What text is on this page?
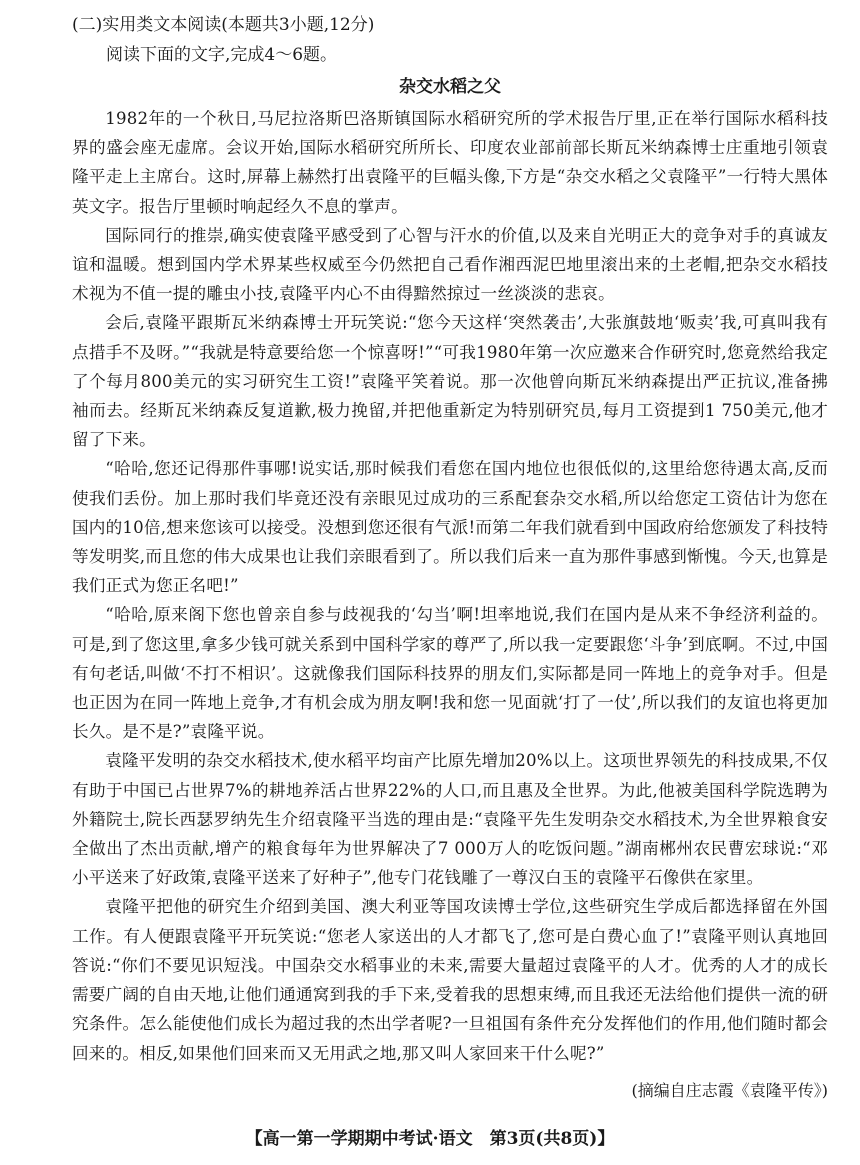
(二)实用类文本阅读(本题共3小题,12分)

阅读下面的文字,完成4～6题。

杂交水稻之父

1982年的一个秋日,马尼拉洛斯巴洛斯镇国际水稻研究所的学术报告厅里,正在举行国际水稻科技界的盛会座无虚席。会议开始,国际水稻研究所所长、印度农业部前部长斯瓦米纳森博士庄重地引领袁隆平走上主席台。这时,屏幕上赫然打出袁隆平的巨幅头像,下方是“杂交水稻之父袁隆平”一行特大黑体英文字。报告厅里顿时响起经久不息的掌声。

国际同行的推崇,确实使袁隆平感受到了心智与汗水的价值,以及来自光明正大的竞争对手的真诚友谊和温暖。想到国内学术界某些权威至今仍然把自己看作湘西泥巴地里滚出来的土老帽,把杂交水稻技术视为不值一提的雕虫小技,袁隆平内心不由得黯然掠过一丝淡淡的悲哀。

会后,袁隆平跟斯瓦米纳森博士开玩笑说:“您今天这样‘突然袭击’,大张旗鼓地‘贩卖’我,可真叫我有点措手不及呀。”“我就是特意要给您一个惊喜呀!”“可我1980年第一次应邀来合作研究时,您竟然给我定了个每月800美元的实习研究生工资!”袁隆平笑着说。那一次他曾向斯瓦米纳森提出严正抗议,准备拂袖而去。经斯瓦米纳森反复道歉,极力挽留,并把他重新定为特别研究员,每月工资提到1 750美元,他才留了下来。

“哈哈,您还记得那件事哪!说实话,那时候我们看您在国内地位也很低似的,这里给您待遇太高,反而使我们丢份。加上那时我们毕竟还没有亲眼见过成功的三系配套杂交水稻,所以给您定工资估计为您在国内的10倍,想来您该可以接受。没想到您还很有气派!而第二年我们就看到中国政府给您颁发了科技特等发明奖,而且您的伟大成果也让我们亲眼看到了。所以我们后来一直为那件事感到惭愧。今天,也算是我们正式为您正名吧!”

“哈哈,原来阁下您也曾亲自参与歧视我的‘勾当’啊!坦率地说,我们在国内是从来不争经济利益的。可是,到了您这里,拿多少钱可就关系到中国科学家的尊严了,所以我一定要跟您‘斗争’到底啊。不过,中国有句老话,叫做‘不打不相识’。这就像我们国际科技界的朋友们,实际都是同一阵地上的竞争对手。但是也正因为在同一阵地上竞争,才有机会成为朋友啊!我和您一见面就‘打了一仗’,所以我们的友谊也将更加长久。是不是?”袁隆平说。

袁隆平发明的杂交水稻技术,使水稻平均亩产比原先增加20%以上。这项世界领先的科技成果,不仅有助于中国已占世界7%的耕地养活占世界22%的人口,而且惠及全世界。为此,他被美国科学院选聘为外籍院士,院长西瑟罗纳先生介绍袁隆平当选的理由是:“袁隆平先生发明杂交水稻技术,为全世界粮食安全做出了杰出贡献,增产的粮食每年为世界解决了7 000万人的吃饭问题。”湖南郴州农民曹宏球说:“邓小平送来了好政策,袁隆平送来了好种子”,他专门花钱雕了一尊汉白玉的袁隆平石像供在家里。

袁隆平把他的研究生介绍到美国、澳大利亚等国攻读博士学位,这些研究生学成后都选择留在外国工作。有人便跟袁隆平开玩笑说:“您老人家送出的人才都飞了,您可是白费心血了!”袁隆平则认真地回答说:“你们不要见识短浅。中国杂交水稻事业的未来,需要大量超过袁隆平的人才。优秀的人才的成长需要广阔的自由天地,让他们通通窝到我的手下来,受着我的思想束缚,而且我还无法给他们提供一流的研究条件。怎么能使他们成长为超过我的杰出学者呢?一旦祖国有条件充分发挥他们的作用,他们随时都会回来的。相反,如果他们回来而又无用武之地,那又叫人家回来干什么呢?”

(摘编自庄志霞《袁隆平传》)

【高一第一学期期中考试·语文　第3页(共8页)】
